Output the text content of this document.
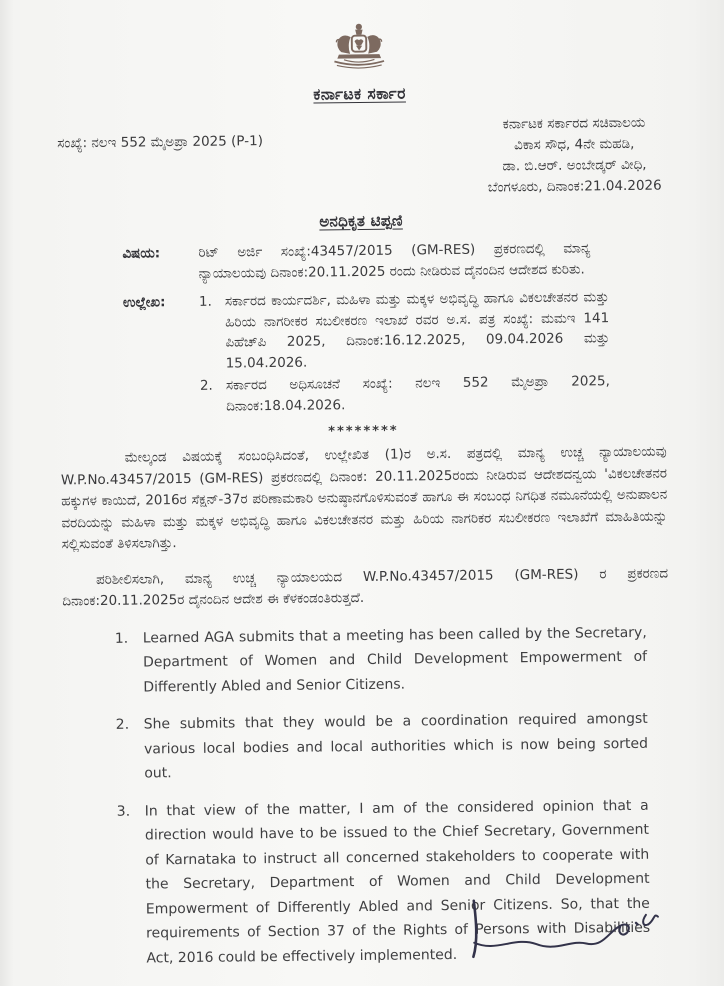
ಕರ್ನಾಟಕ ಸರ್ಕಾರ
ಸಂಖ್ಯೆ: ನಲಇ 552 ಮೈಅಪ್ರಾ 2025 (P-1)
ಕರ್ನಾಟಕ ಸರ್ಕಾರದ ಸಚಿವಾಲಯ
ವಿಕಾಸ ಸೌಧ, 4ನೇ ಮಹಡಿ,
ಡಾ. ಬಿ.ಆರ್. ಅಂಬೇಡ್ಕರ್ ವೀಧಿ,
ಬೆಂಗಳೂರು, ದಿನಾಂಕ:21.04.2026
ಅನಧಿಕೃತ ಟಿಪ್ಪಣಿ
ವಿಷಯ:	ರಿಟ್ ಅರ್ಜಿ ಸಂಖ್ಯೆ:43457/2015 (GM-RES) ಪ್ರಕರಣದಲ್ಲಿ ಮಾನ್ಯ ನ್ಯಾಯಾಲಯವು ದಿನಾಂಕ:20.11.2025 ರಂದು ನೀಡಿರುವ ದೈನಂದಿನ ಆದೇಶದ ಕುರಿತು.
ಉಲ್ಲೇಖ:	1. ಸರ್ಕಾರದ ಕಾರ್ಯದರ್ಶಿ, ಮಹಿಳಾ ಮತ್ತು ಮಕ್ಕಳ ಅಭಿವೃದ್ಧಿ ಹಾಗೂ ವಿಕಲಚೇತನರ ಮತ್ತು ಹಿರಿಯ ನಾಗರೀಕರ ಸಬಲೀಕರಣ ಇಲಾಖೆ ರವರ ಅ.ಸ. ಪತ್ರ ಸಂಖ್ಯೆ: ಮಮಇ 141 ಪಿಹೆಚ್‌ಪಿ 2025, ದಿನಾಂಕ:16.12.2025, 09.04.2026 ಮತ್ತು 15.04.2026.
2. ಸರ್ಕಾರದ ಅಧಿಸೂಚನೆ ಸಂಖ್ಯೆ: ನಲಇ 552 ಮೈಅಪ್ರಾ 2025, ದಿನಾಂಕ:18.04.2026.
********
ಮೇಲ್ಕಂಡ ವಿಷಯಕ್ಕೆ ಸಂಬಂಧಿಸಿದಂತೆ, ಉಲ್ಲೇಖಿತ (1)ರ ಅ.ಸ. ಪತ್ರದಲ್ಲಿ ಮಾನ್ಯ ಉಚ್ಚ ನ್ಯಾಯಾಲಯವು W.P.No.43457/2015 (GM-RES) ಪ್ರಕರಣದಲ್ಲಿ ದಿನಾಂಕ: 20.11.2025ರಂದು ನೀಡಿರುವ ಆದೇಶದನ್ವಯ 'ವಿಕಲಚೇತನರ ಹಕ್ಕುಗಳ ಕಾಯಿದೆ, 2016ರ ಸೆಕ್ಷನ್-37ರ ಪರಿಣಾಮಕಾರಿ ಅನುಷ್ಠಾನಗೊಳಿಸುವಂತೆ ಹಾಗೂ ಈ ಸಂಬಂಧ ನಿಗಧಿತ ನಮೂನೆಯಲ್ಲಿ ಅನುಪಾಲನ ವರದಿಯನ್ನು ಮಹಿಳಾ ಮತ್ತು ಮಕ್ಕಳ ಅಭಿವೃದ್ಧಿ ಹಾಗೂ ವಿಕಲಚೇತನರ ಮತ್ತು ಹಿರಿಯ ನಾಗರಿಕರ ಸಬಲೀಕರಣ ಇಲಾಖೆಗೆ ಮಾಹಿತಿಯನ್ನು ಸಲ್ಲಿಸುವಂತೆ ತಿಳಿಸಲಾಗಿತ್ತು.
ಪರಿಶೀಲಿಸಲಾಗಿ, ಮಾನ್ಯ ಉಚ್ಚ ನ್ಯಾಯಾಲಯದ W.P.No.43457/2015 (GM-RES) ರ ಪ್ರಕರಣದ ದಿನಾಂಕ:20.11.2025ರ ದೈನಂದಿನ ಆದೇಶ ಈ ಕೆಳಕಂಡಂತಿರುತ್ತದೆ.
1.	Learned AGA submits that a meeting has been called by the Secretary, Department of Women and Child Development Empowerment of Differently Abled and Senior Citizens.
2.	She submits that they would be a coordination required amongst various local bodies and local authorities which is now being sorted out.
3.	In that view of the matter, I am of the considered opinion that a direction would have to be issued to the Chief Secretary, Government of Karnataka to instruct all concerned stakeholders to cooperate with the Secretary, Department of Women and Child Development Empowerment of Differently Abled and Senior Citizens. So, that the requirements of Section 37 of the Rights of Persons with Disabilities Act, 2016 could be effectively implemented.
